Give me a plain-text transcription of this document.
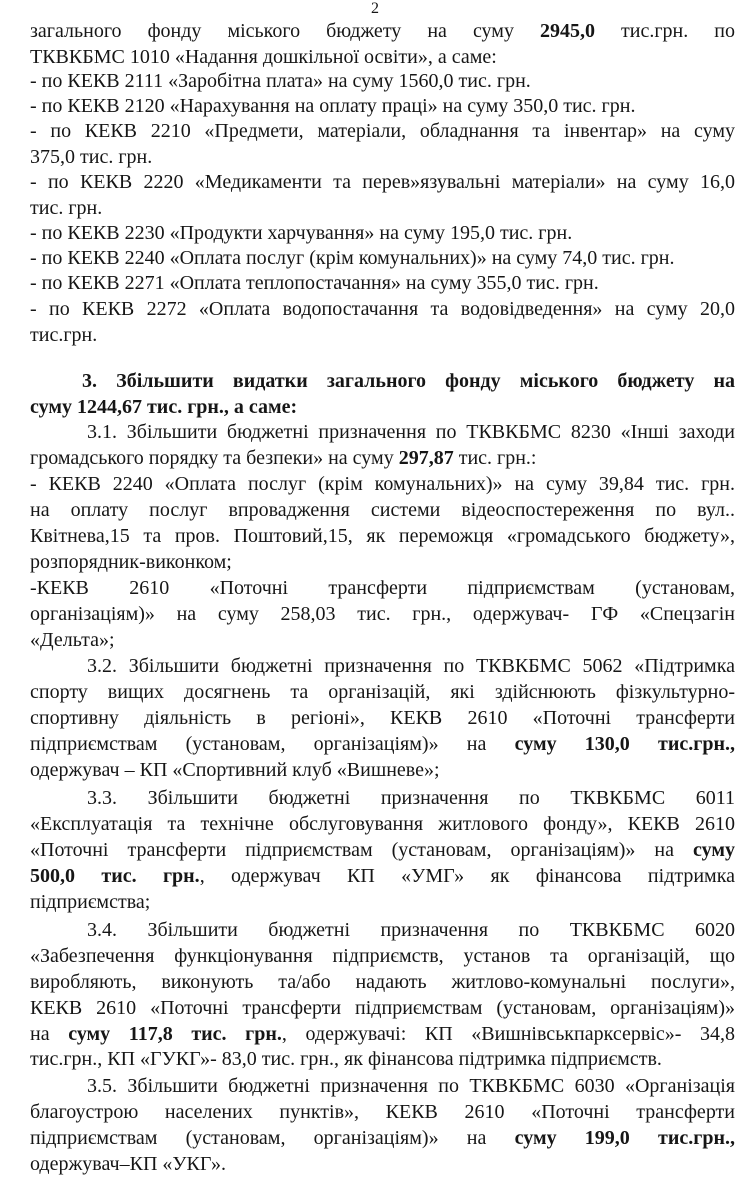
2
загального фонду міського бюджету на суму 2945,0 тис.грн. по
ТКВКБМС 1010 «Надання дошкільної освіти», а саме:
- по КЕКВ 2111 «Заробітна плата» на суму 1560,0 тис. грн.
- по КЕКВ 2120 «Нарахування на оплату праці» на суму 350,0 тис. грн.
- по КЕКВ 2210 «Предмети, матеріали, обладнання та інвентар» на суму
375,0 тис. грн.
- по КЕКВ 2220 «Медикаменти та перев»язувальні матеріали» на суму 16,0
тис. грн.
- по КЕКВ 2230 «Продукти харчування» на суму 195,0 тис. грн.
- по КЕКВ 2240 «Оплата послуг (крім комунальних)» на суму 74,0 тис. грн.
- по КЕКВ 2271 «Оплата теплопостачання» на суму 355,0 тис. грн.
- по КЕКВ 2272 «Оплата водопостачання та водовідведення» на суму 20,0
тис.грн.
3. Збільшити видатки загального фонду міського бюджету на
суму 1244,67 тис. грн., а саме:
3.1. Збільшити бюджетні призначення по ТКВКБМС 8230 «Інші заходи
громадського порядку та безпеки» на суму 297,87 тис. грн.:
- КЕКВ 2240 «Оплата послуг (крім комунальних)» на суму 39,84 тис. грн.
на оплату послуг впровадження системи відеоспостереження по вул..
Квітнева,15 та пров. Поштовий,15, як переможця «громадського бюджету»,
розпорядник-виконком;
-КЕКВ 2610 «Поточні трансферти підприємствам (установам,
організаціям)» на суму 258,03 тис. грн., одержувач- ГФ «Спецзагін
«Дельта»;
3.2. Збільшити бюджетні призначення по ТКВКБМС 5062 «Підтримка
спорту вищих досягнень та організацій, які здійснюють фізкультурно-
спортивну діяльність в регіоні», КЕКВ 2610 «Поточні трансферти
підприємствам (установам, організаціям)» на суму 130,0 тис.грн.,
одержувач – КП «Спортивний клуб «Вишневе»;
3.3. Збільшити бюджетні призначення по ТКВКБМС 6011
«Експлуатація та технічне обслуговування житлового фонду», КЕКВ 2610
«Поточні трансферти підприємствам (установам, організаціям)» на суму
500,0 тис. грн., одержувач КП «УМГ» як фінансова підтримка
підприємства;
3.4. Збільшити бюджетні призначення по ТКВКБМС 6020
«Забезпечення функціонування підприємств, установ та організацій, що
виробляють, виконують та/або надають житлово-комунальні послуги»,
КЕКВ 2610 «Поточні трансферти підприємствам (установам, організаціям)»
на суму 117,8 тис. грн., одержувачі: КП «Вишнівськпарксервіс»- 34,8
тис.грн., КП «ГУКГ»- 83,0 тис. грн., як фінансова підтримка підприємств.
3.5. Збільшити бюджетні призначення по ТКВКБМС 6030 «Організація
благоустрою населених пунктів», КЕКВ 2610 «Поточні трансферти
підприємствам (установам, організаціям)» на суму 199,0 тис.грн.,
одержувач–КП «УКГ».
